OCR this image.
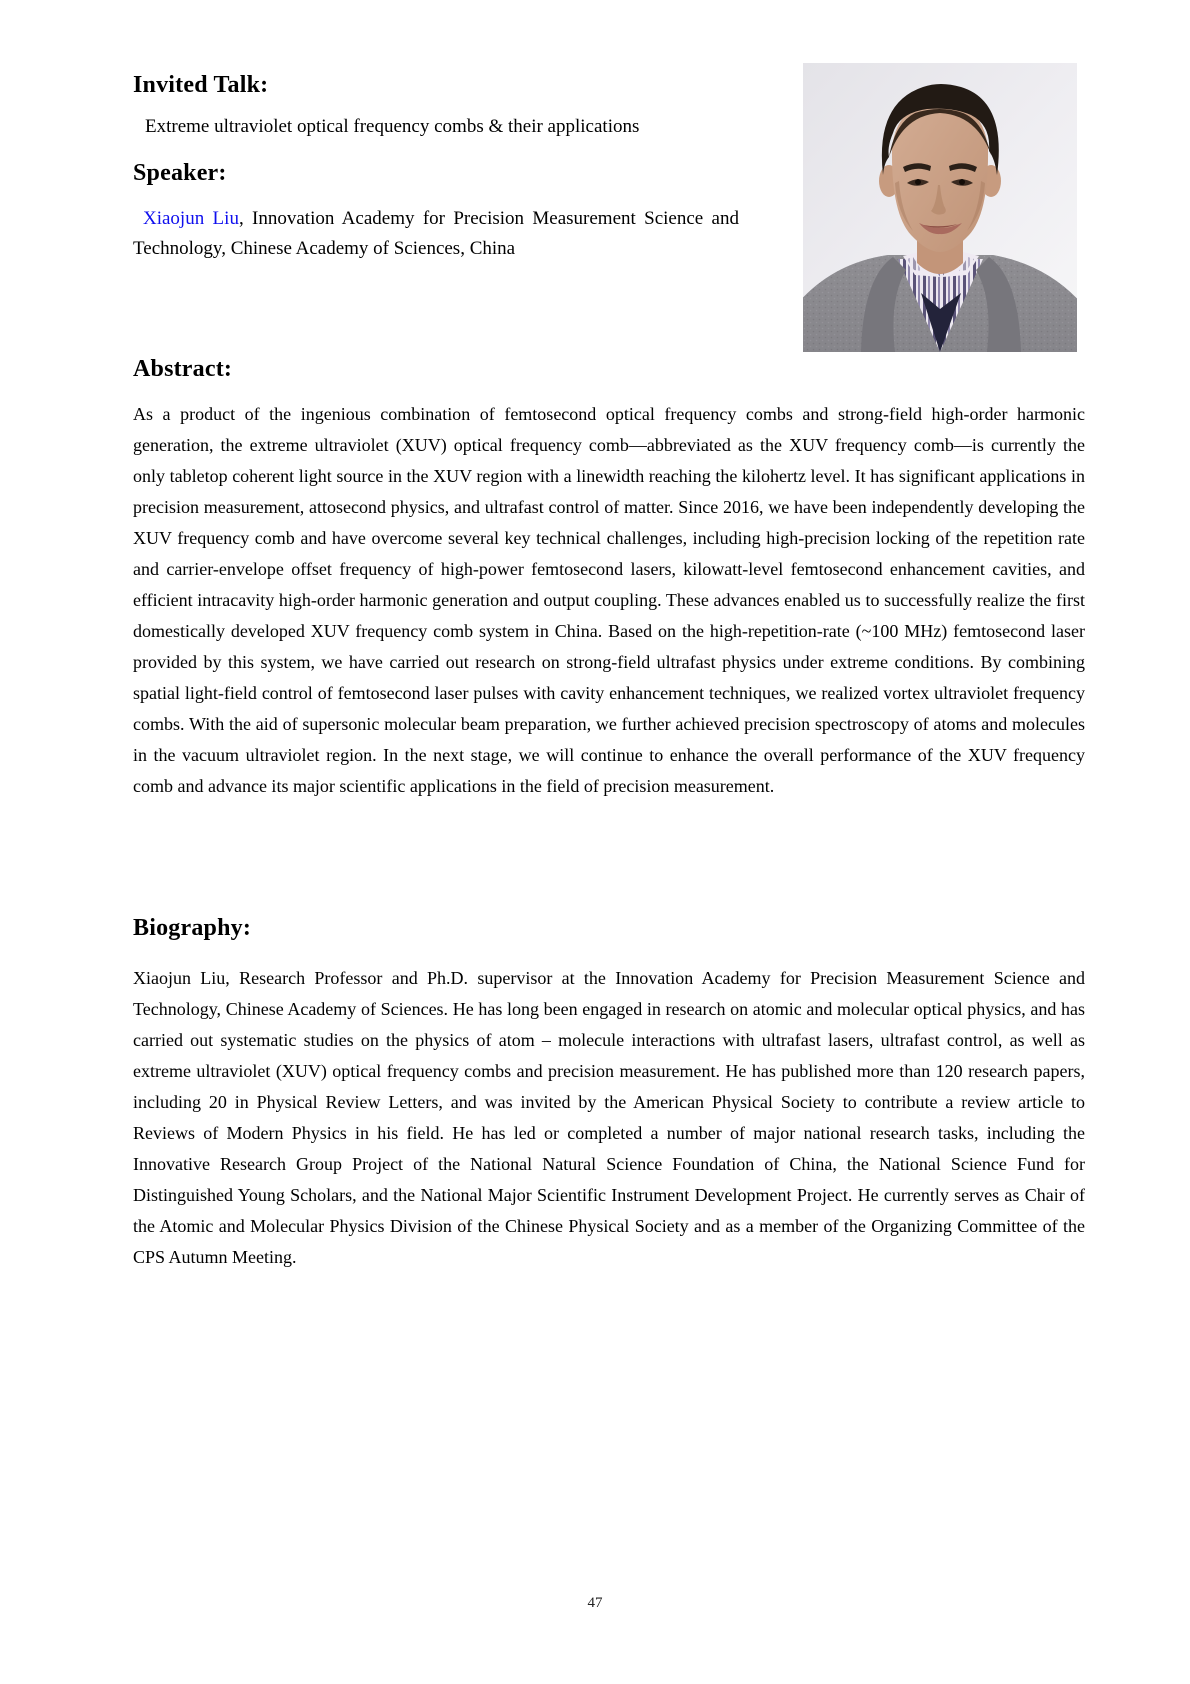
Invited Talk:
Extreme ultraviolet optical frequency combs & their applications
Speaker:
Xiaojun Liu, Innovation Academy for Precision Measurement Science and Technology, Chinese Academy of Sciences, China
Abstract:
As a product of the ingenious combination of femtosecond optical frequency combs and strong-field high-order harmonic generation, the extreme ultraviolet (XUV) optical frequency comb—abbreviated as the XUV frequency comb—is currently the only tabletop coherent light source in the XUV region with a linewidth reaching the kilohertz level. It has significant applications in precision measurement, attosecond physics, and ultrafast control of matter. Since 2016, we have been independently developing the XUV frequency comb and have overcome several key technical challenges, including high-precision locking of the repetition rate and carrier-envelope offset frequency of high-power femtosecond lasers, kilowatt-level femtosecond enhancement cavities, and efficient intracavity high-order harmonic generation and output coupling. These advances enabled us to successfully realize the first domestically developed XUV frequency comb system in China. Based on the high-repetition-rate (~100 MHz) femtosecond laser provided by this system, we have carried out research on strong-field ultrafast physics under extreme conditions. By combining spatial light-field control of femtosecond laser pulses with cavity enhancement techniques, we realized vortex ultraviolet frequency combs. With the aid of supersonic molecular beam preparation, we further achieved precision spectroscopy of atoms and molecules in the vacuum ultraviolet region. In the next stage, we will continue to enhance the overall performance of the XUV frequency comb and advance its major scientific applications in the field of precision measurement.
Biography:
Xiaojun Liu, Research Professor and Ph.D. supervisor at the Innovation Academy for Precision Measurement Science and Technology, Chinese Academy of Sciences. He has long been engaged in research on atomic and molecular optical physics, and has carried out systematic studies on the physics of atom – molecule interactions with ultrafast lasers, ultrafast control, as well as extreme ultraviolet (XUV) optical frequency combs and precision measurement. He has published more than 120 research papers, including 20 in Physical Review Letters, and was invited by the American Physical Society to contribute a review article to Reviews of Modern Physics in his field. He has led or completed a number of major national research tasks, including the Innovative Research Group Project of the National Natural Science Foundation of China, the National Science Fund for Distinguished Young Scholars, and the National Major Scientific Instrument Development Project. He currently serves as Chair of the Atomic and Molecular Physics Division of the Chinese Physical Society and as a member of the Organizing Committee of the CPS Autumn Meeting.
47
